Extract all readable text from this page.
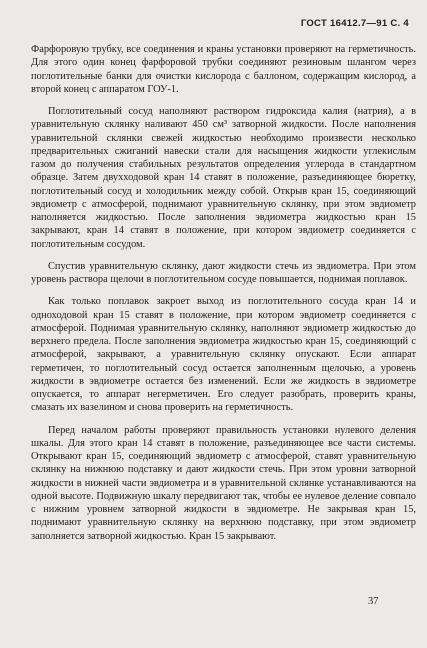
ГОСТ 16412.7—91 С. 4

Фарфоровую трубку, все соединения и краны установки проверяют на герметичность. Для этого один конец фарфоровой трубки соединяют резиновым шлангом через поглотительные банки для очистки кислорода с баллоном, содержащим кислород, а второй конец с аппаратом ГОУ-1.

Поглотительный сосуд наполняют раствором гидроксида калия (натрия), а в уравнительную склянку наливают 450 см³ затворной жидкости. После наполнения уравнительной склянки свежей жидкостью необходимо произвести несколько предварительных сжиганий навески стали для насыщения жидкости углекислым газом до получения стабильных результатов определения углерода в стандартном образце. Затем двухходовой кран 14 ставят в положение, разъединяющее бюретку, поглотительный сосуд и холодильник между собой. Открыв кран 15, соединяющий эвдиометр с атмосферой, поднимают уравнительную склянку, при этом эвдиометр наполняется жидкостью. После заполнения эвдиометра жидкостью кран 15 закрывают, кран 14 ставят в положение, при котором эвдиометр соединяется с поглотительным сосудом.

Спустив уравнительную склянку, дают жидкости стечь из эвдиометра. При этом уровень раствора щелочи в поглотительном сосуде повышается, поднимая поплавок.

Как только поплавок закроет выход из поглотительного сосуда кран 14 и одноходовой кран 15 ставят в положение, при котором эвдиометр соединяется с атмосферой. Поднимая уравнительную склянку, наполняют эвдиометр жидкостью до верхнего предела. После заполнения эвдиометра жидкостью кран 15, соединяющий с атмосферой, закрывают, а уравнительную склянку опускают. Если аппарат герметичен, то поглотительный сосуд остается заполненным щелочью, а уровень жидкости в эвдиометре остается без изменений. Если же жидкость в эвдиометре опускается, то аппарат негерметичен. Его следует разобрать, проверить краны, смазать их вазелином и снова проверить на герметичность.

Перед началом работы проверяют правильность установки нулевого деления шкалы. Для этого кран 14 ставят в положение, разъединяющее все части системы. Открывают кран 15, соединяющий эвдиометр с атмосферой, ставят уравнительную склянку на нижнюю подставку и дают жидкости стечь. При этом уровни затворной жидкости в нижней части эвдиометра и в уравнительной склянке устанавливаются на одной высоте. Подвижную шкалу передвигают так, чтобы ее нулевое деление совпало с нижним уровнем затворной жидкости в эвдиометре. Не закрывая кран 15, поднимают уравнительную склянку на верхнюю подставку, при этом эвдиометр заполняется затворной жидкостью. Кран 15 закрывают.

37
